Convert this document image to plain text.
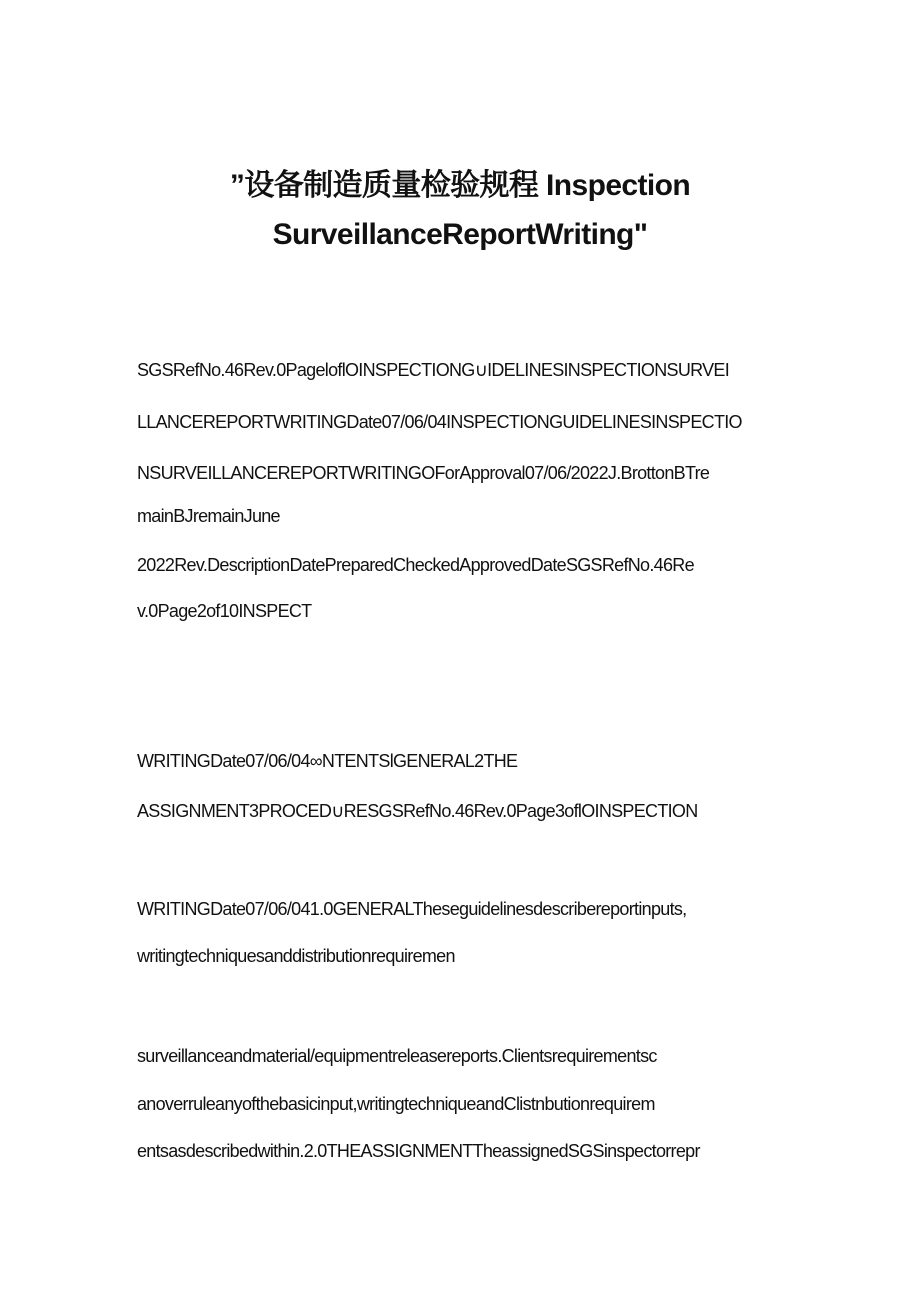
”设备制造质量检验规程 Inspection
SurveillanceReportWriting"
SGSRefNo.46Rev.0PageloflOINSPECTIONG∪IDELINESINSPECTIONSURVEI
LLANCEREPORTWRITINGDate07/06/04INSPECTIONGUIDELINESINSPECTIO
NSURVEILLANCEREPORTWRITINGOForApproval07/06/2022J.BrottonBTre
mainBJremainJune
2022Rev.DescriptionDatePreparedCheckedApprovedDateSGSRefNo.46Re
v.0Page2of10INSPECT
WRITINGDate07/06/04∞NTENTSlGENERAL2THE
ASSIGNMENT3PROCED∪RESGSRefNo.46Rev.0Page3oflOINSPECTION
WRITINGDate07/06/041.0GENERALTheseguidelinesdescribereportinputs,
writingtechniquesanddistributionrequiremen
surveillanceandmaterial/equipmentreleasereports.Clientsrequirementsc
anoverruleanyofthebasicinput,writingtechniqueandClistnbutionrequirem
entsasdescribedwithin.2.0THEASSIGNMENTTheassignedSGSinspectorrepr
